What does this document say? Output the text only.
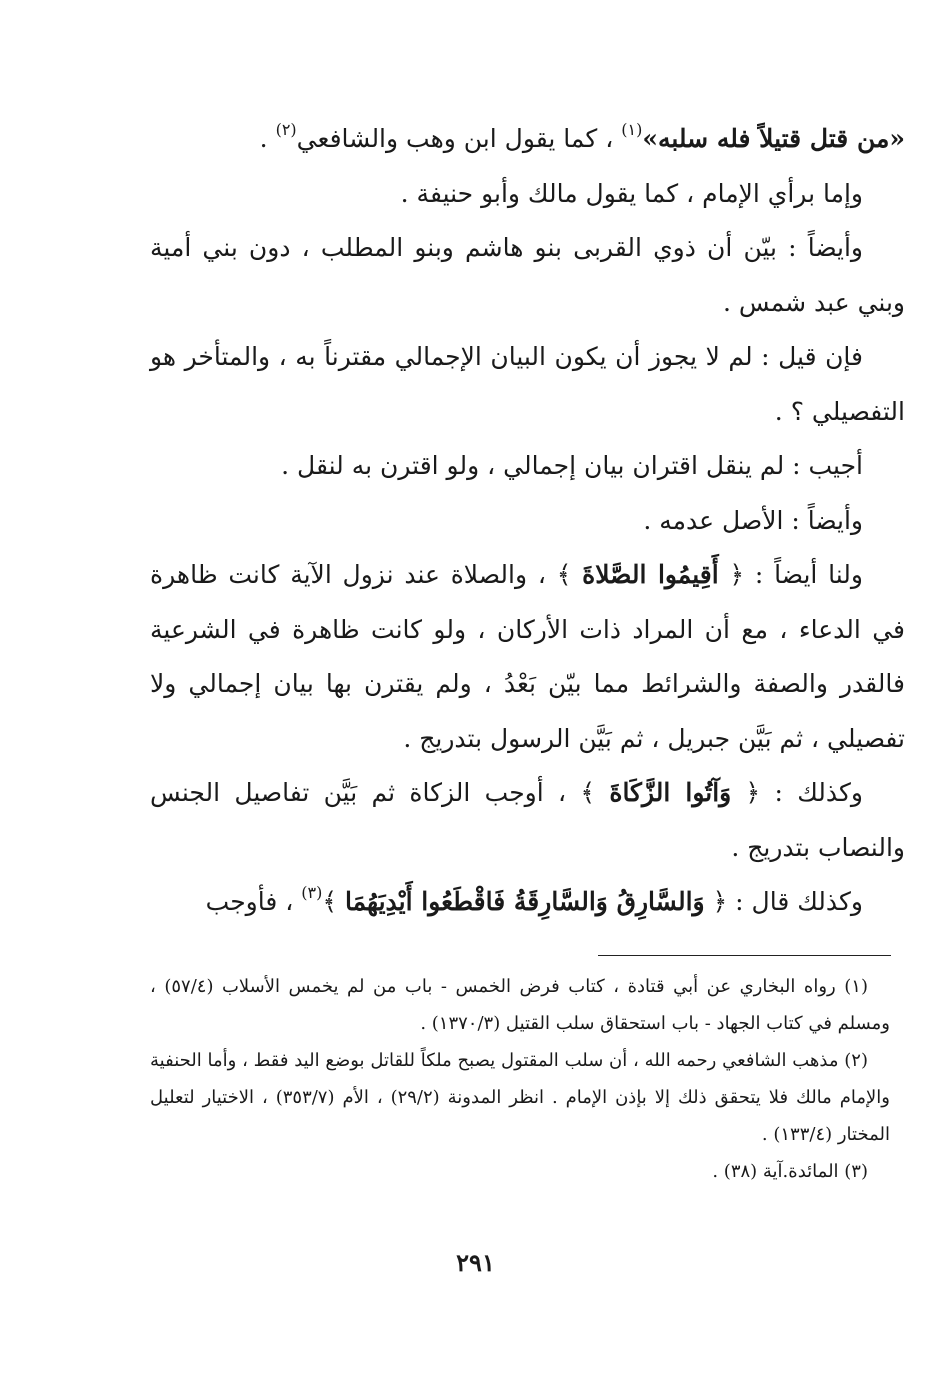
«من قتل قتيلاً فله سلبه»$^{(١)}$ ، كما يقول ابن وهب والشافعي$^{(٢)}$ .

وإما برأي الإمام ، كما يقول مالك وأبو حنيفة .

وأيضاً : بيّن أن ذوي القربى بنو هاشم وبنو المطلب ، دون بني أمية وبني عبد شمس .

فإن قيل : لم لا يجوز أن يكون البيان الإجمالي مقترناً به ، والمتأخر هو التفصيلي ؟ .

أجيب : لم ينقل اقتران بيان إجمالي ، ولو اقترن به لنقل .

وأيضاً : الأصل عدمه .

ولنا أيضاً : ﴿ أَقِيمُوا الصَّلاةَ ﴾ ، والصلاة عند نزول الآية كانت ظاهرة في الدعاء ، مع أن المراد ذات الأركان ، ولو كانت ظاهرة في الشرعية فالقدر والصفة والشرائط مما بيّن بَعْدُ ، ولم يقترن بها بيان إجمالي ولا تفصيلي ، ثم بَيَّن جبريل ، ثم بَيَّن الرسول بتدريج .

وكذلك : ﴿ وَآتُوا الزَّكَاةَ ﴾ ، أوجب الزكاة ثم بَيَّن تفاصيل الجنس والنصاب بتدريج .

وكذلك قال : ﴿ وَالسَّارِقُ وَالسَّارِقَةُ فَاقْطَعُوا أَيْدِيَهُمَا ﴾$^{(٣)}$ ، فأوجب

(١) رواه البخاري عن أبي قتادة ، كتاب فرض الخمس - باب من لم يخمس الأسلاب (٥٧/٤) ، ومسلم في كتاب الجهاد - باب استحقاق سلب القتيل (١٣٧٠/٣) .

(٢) مذهب الشافعي رحمه الله ، أن سلب المقتول يصبح ملكاً للقاتل بوضع اليد فقط ، وأما الحنفية والإمام مالك فلا يتحقق ذلك إلا بإذن الإمام . انظر المدونة (٢٩/٢) ، الأم (٣٥٣/٧) ، الاختيار لتعليل المختار (١٣٣/٤) .

(٣) المائدة.آية (٣٨) .

٢٩١
